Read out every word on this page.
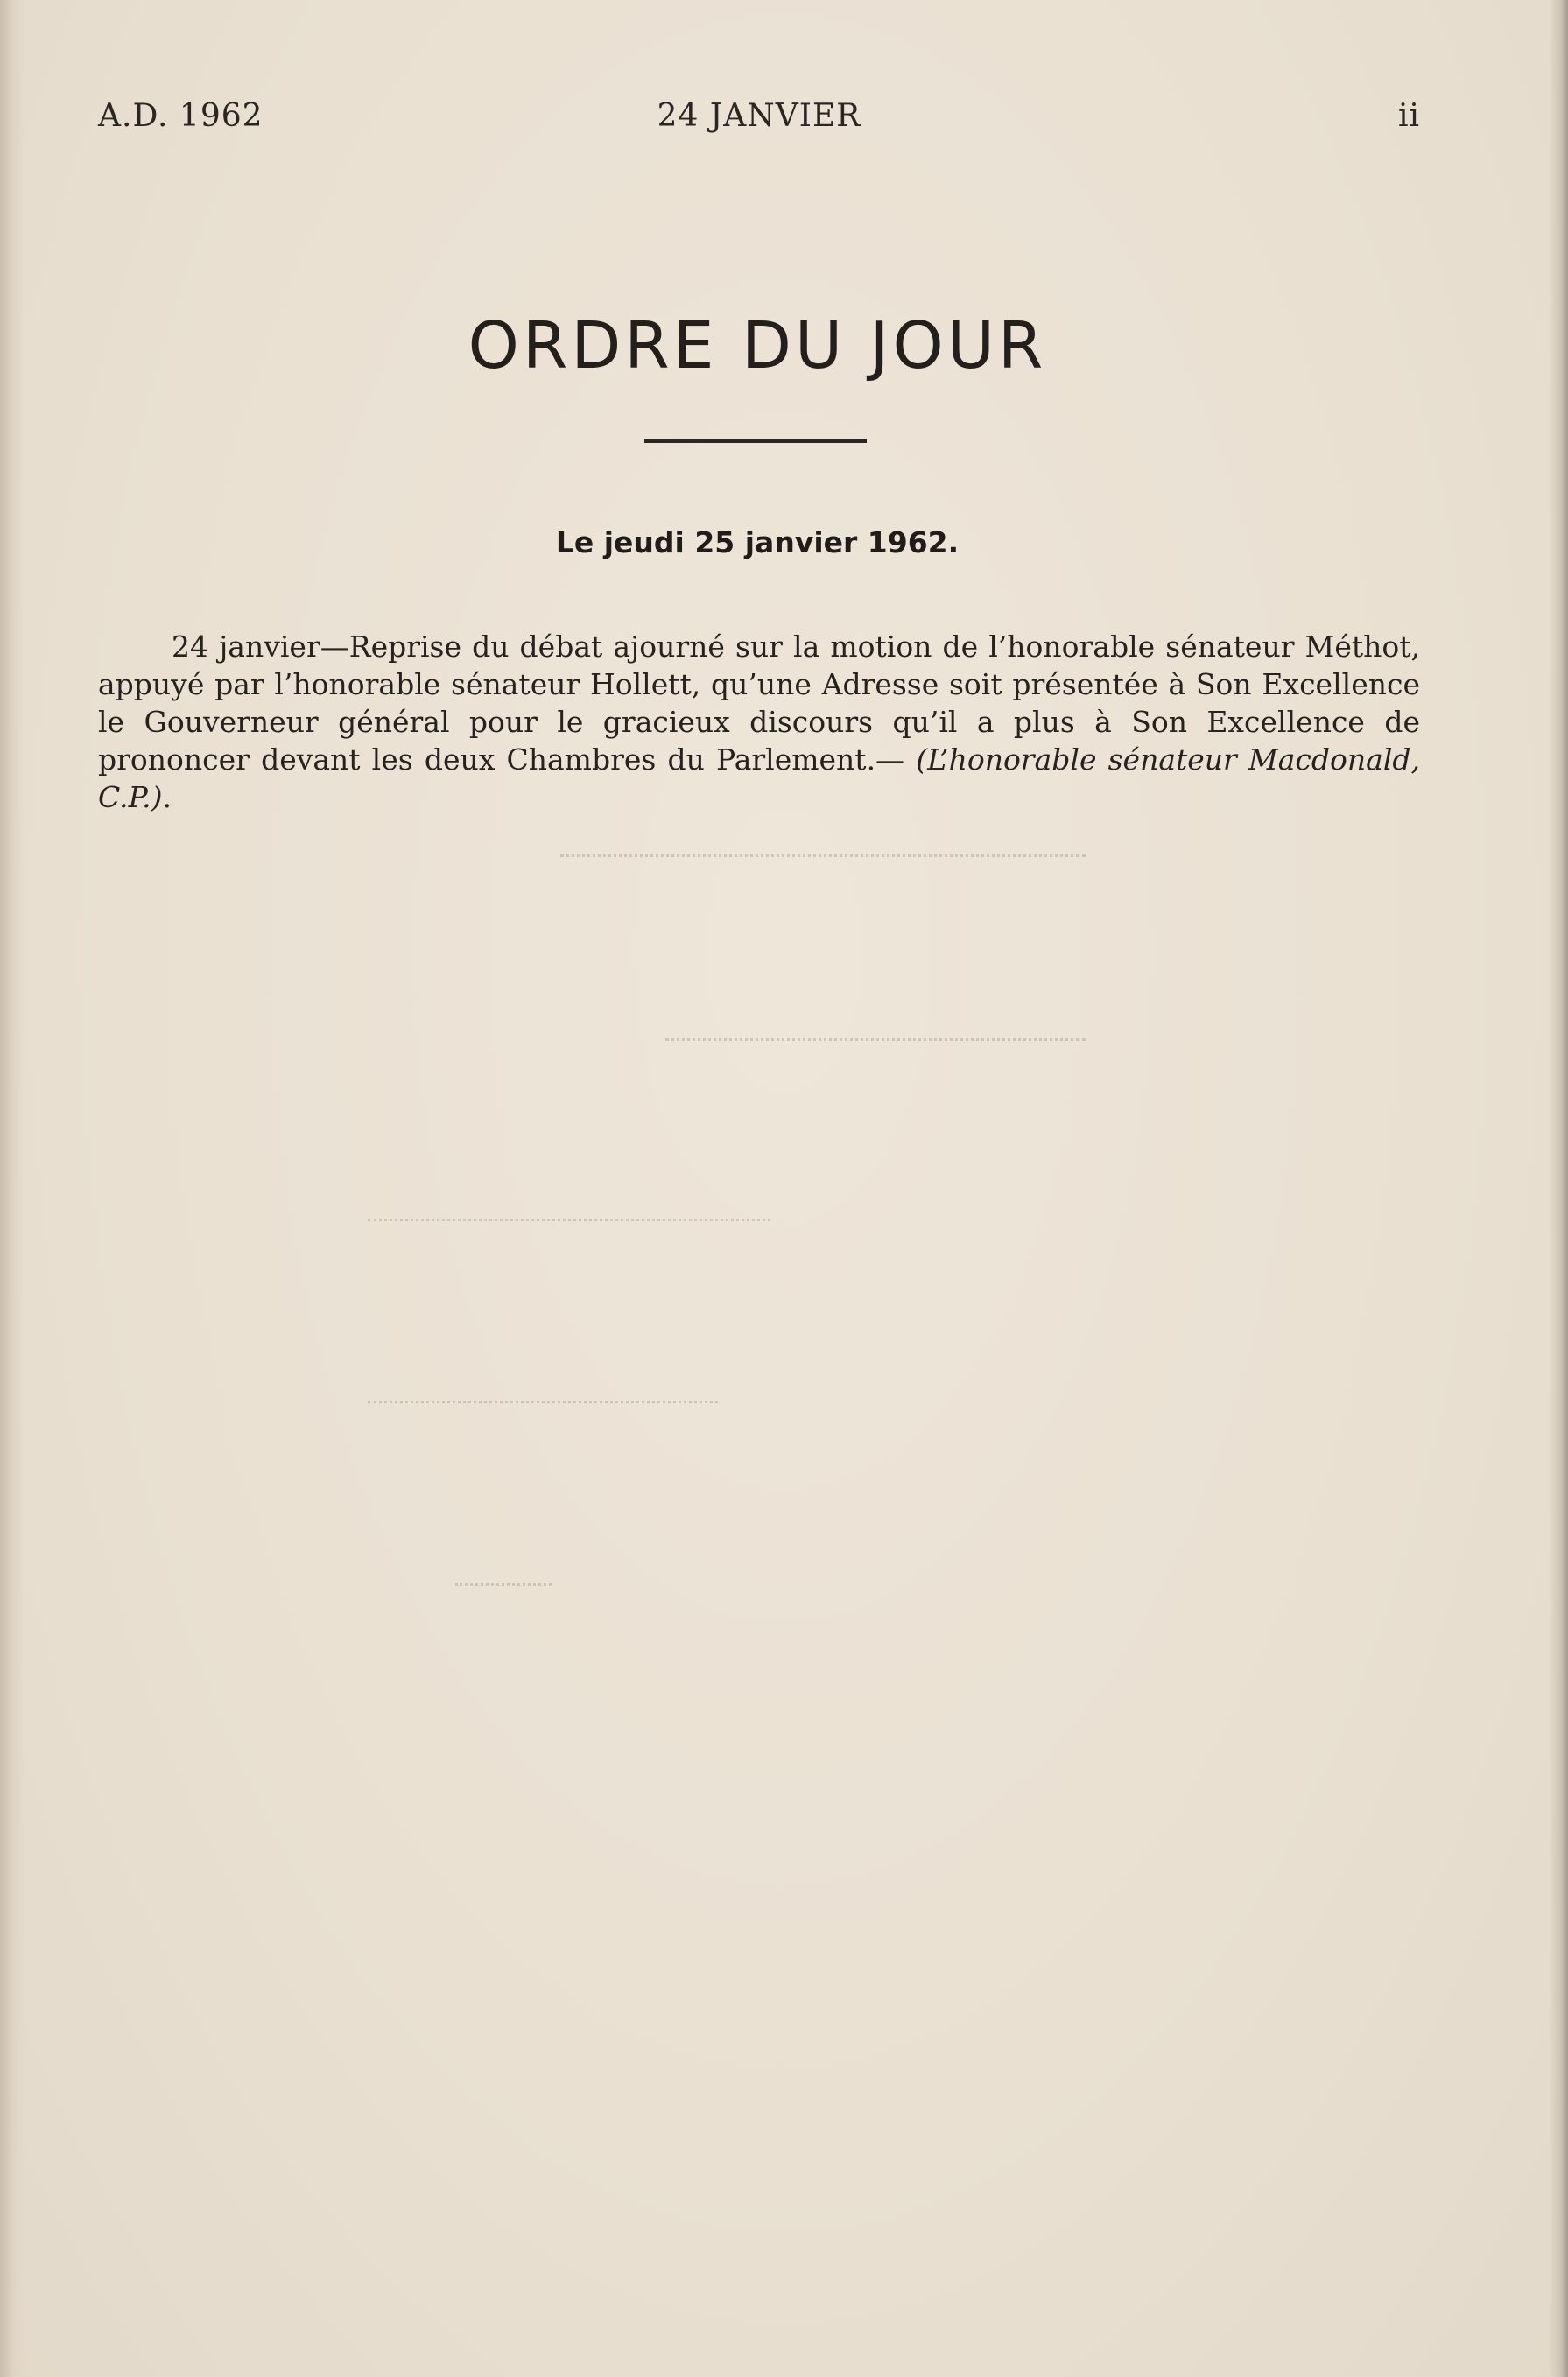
A.D. 1962	24 JANVIER	ii
ORDRE DU JOUR
Le jeudi 25 janvier 1962.

24 janvier—Reprise du débat ajourné sur la motion de l’honorable sénateur Méthot, appuyé par l’honorable sénateur Hollett, qu’une Adresse soit présentée à Son Excellence le Gouverneur général pour le gracieux discours qu’il a plus à Son Excellence de prononcer devant les deux Chambres du Parlement.— (L’honorable sénateur Macdonald, C.P.).
